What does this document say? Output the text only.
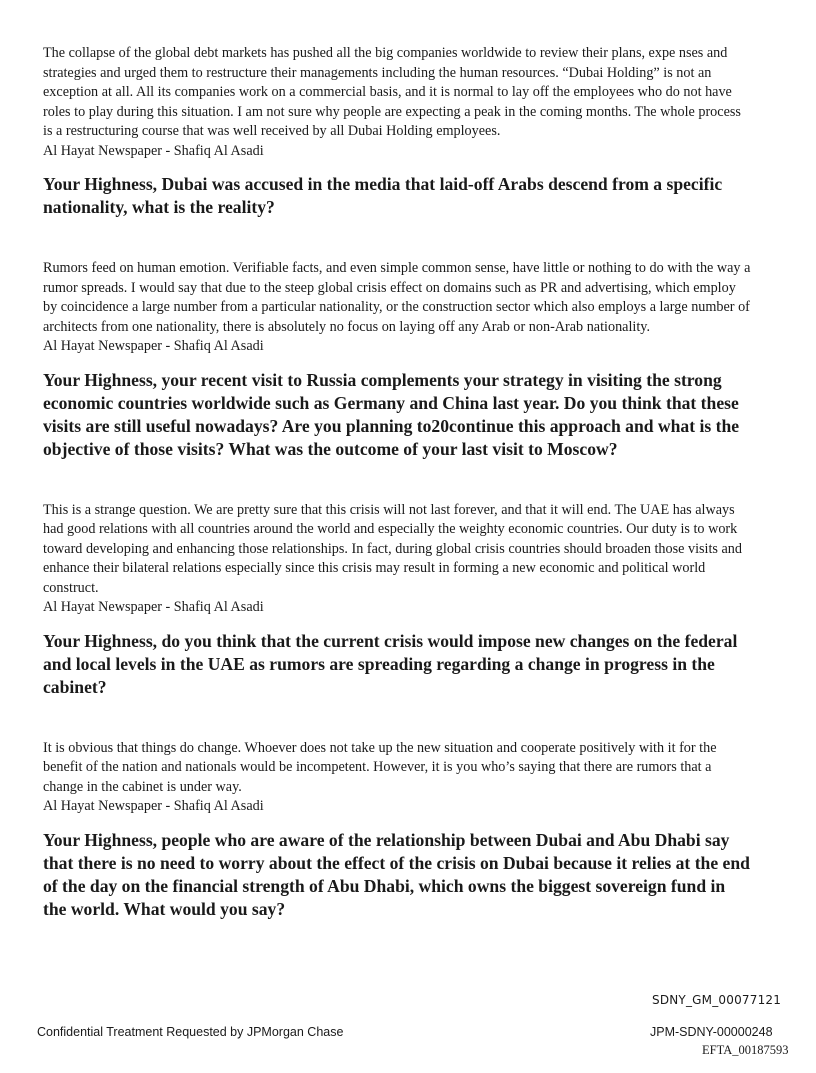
The collapse of the global debt markets has pushed all the big companies worldwide to review their plans, expe nses and strategies and urged them to restructure their managements including the human resources. “Dubai Holding” is not an exception at all. All its companies work on a commercial basis, and it is normal to lay off the employees who do not have roles to play during this situation. I am not sure why people are expecting a peak in the coming months. The whole process is a restructuring course that was well received by all Dubai Holding employees.

Al Hayat Newspaper - Shafiq Al Asadi

Your Highness, Dubai was accused in the media that laid-off Arabs descend from a specific nationality, what is the reality?

Rumors feed on human emotion. Verifiable facts, and even simple common sense, have little or nothing to do with the way a rumor spreads. I would say that due to the steep global crisis effect on domains such as PR and advertising, which employ by coincidence a large number from a particular nationality, or the construction sector which also employs a large number of architects from one nationality, there is absolutely no focus on laying off any Arab or non-Arab nationality.

Al Hayat Newspaper - Shafiq Al Asadi

Your Highness, your recent visit to Russia complements your strategy in visiting the strong economic countries worldwide such as Germany and China last year. Do you think that these visits are still useful nowadays? Are you planning to20continue this approach and what is the objective of those visits? What was the outcome of your last visit to Moscow?

This is a strange question. We are pretty sure that this crisis will not last forever, and that it will end. The UAE has always had good relations with all countries around the world and especially the weighty economic countries. Our duty is to work toward developing and enhancing those relationships. In fact, during global crisis countries should broaden those visits and enhance their bilateral relations especially since this crisis may result in forming a new economic and political world construct.

Al Hayat Newspaper - Shafiq Al Asadi

Your Highness, do you think that the current crisis would impose new changes on the federal and local levels in the UAE as rumors are spreading regarding a change in progress in the cabinet?

It is obvious that things do change. Whoever does not take up the new situation and cooperate positively with it for the benefit of the nation and nationals would be incompetent. However, it is you who’s saying that there are rumors that a change in the cabinet is under way.

Al Hayat Newspaper - Shafiq Al Asadi

Your Highness, people who are aware of the relationship between Dubai and Abu Dhabi say that there is no need to worry about the effect of the crisis on Dubai because it relies at the end of the day on the financial strength of Abu Dhabi, which owns the biggest sovereign fund in the world. What would you say?

SDNY_GM_00077121
Confidential Treatment Requested by JPMorgan Chase	JPM-SDNY-00000248
EFTA_00187593
